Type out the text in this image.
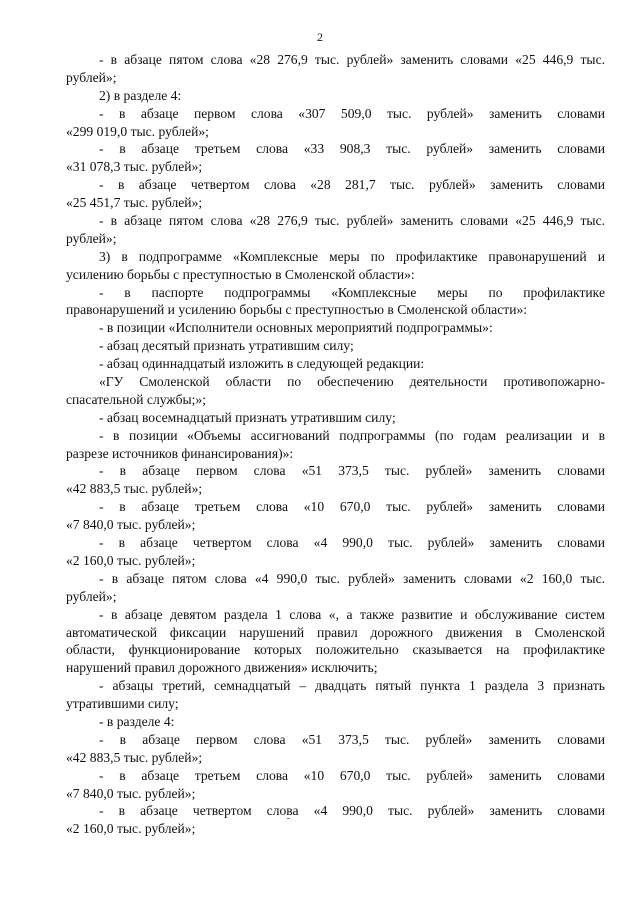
2
- в абзаце пятом слова «28 276,9 тыс. рублей» заменить словами «25 446,9 тыс.
рублей»;
2) в разделе 4:
- в абзаце первом слова «307 509,0 тыс. рублей» заменить словами
«299 019,0 тыс. рублей»;
- в абзаце третьем слова «33 908,3 тыс. рублей» заменить словами
«31 078,3 тыс. рублей»;
- в абзаце четвертом слова «28 281,7 тыс. рублей» заменить словами
«25 451,7 тыс. рублей»;
- в абзаце пятом слова «28 276,9 тыс. рублей» заменить словами «25 446,9 тыс.
рублей»;
3) в подпрограмме «Комплексные меры по профилактике правонарушений и
усилению борьбы с преступностью в Смоленской области»:
- в паспорте подпрограммы «Комплексные меры по профилактике
правонарушений и усилению борьбы с преступностью в Смоленской области»:
- в позиции «Исполнители основных мероприятий подпрограммы»:
- абзац десятый признать утратившим силу;
- абзац одиннадцатый изложить в следующей редакции:
«ГУ Смоленской области по обеспечению деятельности противопожарно-
спасательной службы;»;
- абзац восемнадцатый признать утратившим силу;
- в позиции «Объемы ассигнований подпрограммы (по годам реализации и в
разрезе источников финансирования)»:
- в абзаце первом слова «51 373,5 тыс. рублей» заменить словами
«42 883,5 тыс. рублей»;
- в абзаце третьем слова «10 670,0 тыс. рублей» заменить словами
«7 840,0 тыс. рублей»;
- в абзаце четвертом слова «4 990,0 тыс. рублей» заменить словами
«2 160,0 тыс. рублей»;
- в абзаце пятом слова «4 990,0 тыс. рублей» заменить словами «2 160,0 тыс.
рублей»;
- в абзаце девятом раздела 1 слова «, а также развитие и обслуживание систем
автоматической фиксации нарушений правил дорожного движения в Смоленской
области, функционирование которых положительно сказывается на профилактике
нарушений правил дорожного движения» исключить;
- абзацы третий, семнадцатый – двадцать пятый пункта 1 раздела 3 признать
утратившими силу;
- в разделе 4:
- в абзаце первом слова «51 373,5 тыс. рублей» заменить словами
«42 883,5 тыс. рублей»;
- в абзаце третьем слова «10 670,0 тыс. рублей» заменить словами
«7 840,0 тыс. рублей»;
- в абзаце четвертом слова «4 990,0 тыс. рублей» заменить словами
«2 160,0 тыс. рублей»;
